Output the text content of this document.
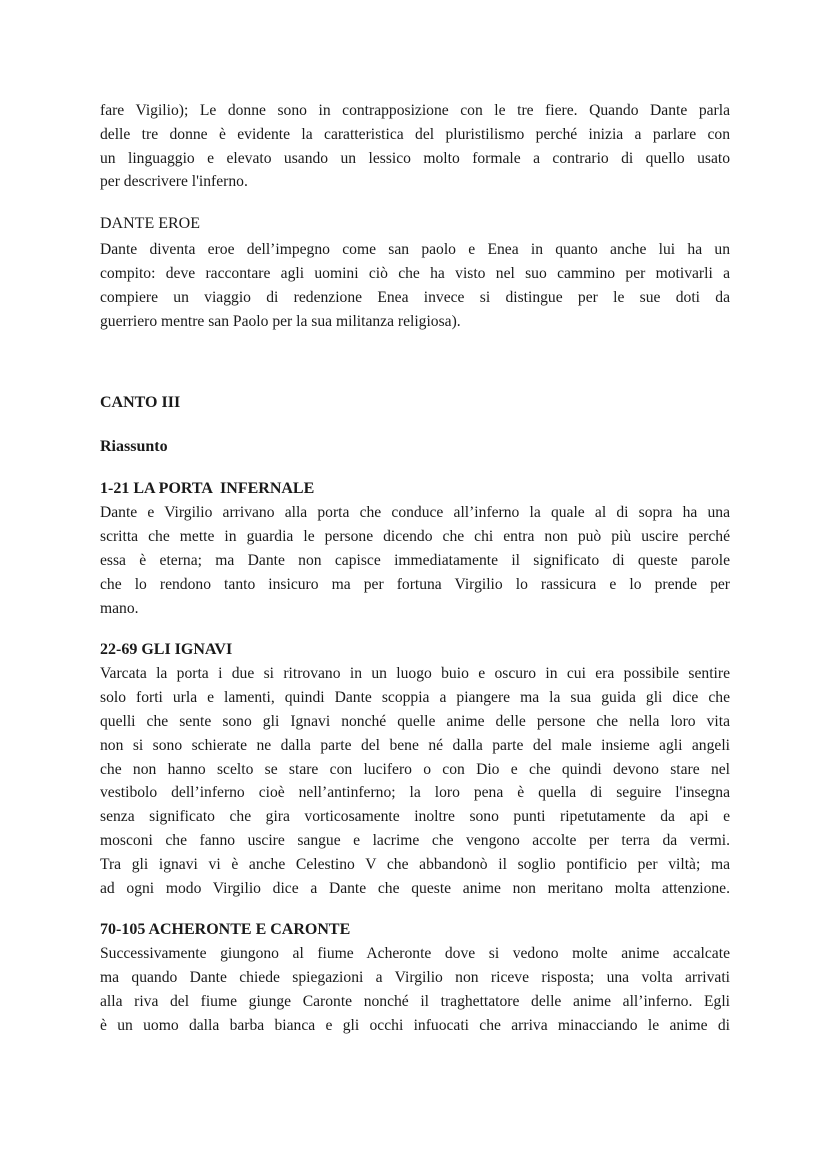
fare Vigilio); Le donne sono in contrapposizione con le tre fiere. Quando Dante parla
delle tre donne è evidente la caratteristica del pluristilismo perché inizia a parlare con
un linguaggio e elevato usando un lessico molto formale a contrario di quello usato
per descrivere l'inferno.
DANTE EROE
Dante diventa eroe dell’impegno come san paolo e Enea in quanto anche lui ha un
compito: deve raccontare agli uomini ciò che ha visto nel suo cammino per motivarli a
compiere un viaggio di redenzione Enea invece si distingue per le sue doti da
guerriero mentre san Paolo per la sua militanza religiosa).
CANTO III
Riassunto
1-21 LA PORTA  INFERNALE
Dante e Virgilio arrivano alla porta che conduce all’inferno la quale al di sopra ha una
scritta che mette in guardia le persone dicendo che chi entra non può più uscire perché
essa è eterna; ma Dante non capisce immediatamente il significato di queste parole
che lo rendono tanto insicuro ma per fortuna Virgilio lo rassicura e lo prende per
mano.
22-69 GLI IGNAVI
Varcata la porta i due si ritrovano in un luogo buio e oscuro in cui era possibile sentire
solo forti urla e lamenti, quindi Dante scoppia a piangere ma la sua guida gli dice che
quelli che sente sono gli Ignavi nonché quelle anime delle persone che nella loro vita
non si sono schierate ne dalla parte del bene né dalla parte del male insieme agli angeli
che non hanno scelto se stare con lucifero o con Dio e che quindi devono stare nel
vestibolo dell’inferno cioè nell’antinferno; la loro pena è quella di seguire l'insegna
senza significato che gira vorticosamente inoltre sono punti ripetutamente da api e
mosconi che fanno uscire sangue e lacrime che vengono accolte per terra da vermi.
Tra gli ignavi vi è anche Celestino V che abbandonò il soglio pontificio per viltà; ma
ad ogni modo Virgilio dice a Dante che queste anime non meritano molta attenzione.
70-105 ACHERONTE E CARONTE
Successivamente giungono al fiume Acheronte dove si vedono molte anime accalcate
ma quando Dante chiede spiegazioni a Virgilio non riceve risposta; una volta arrivati
alla riva del fiume giunge Caronte nonché il traghettatore delle anime all’inferno. Egli
è un uomo dalla barba bianca e gli occhi infuocati che arriva minacciando le anime di
